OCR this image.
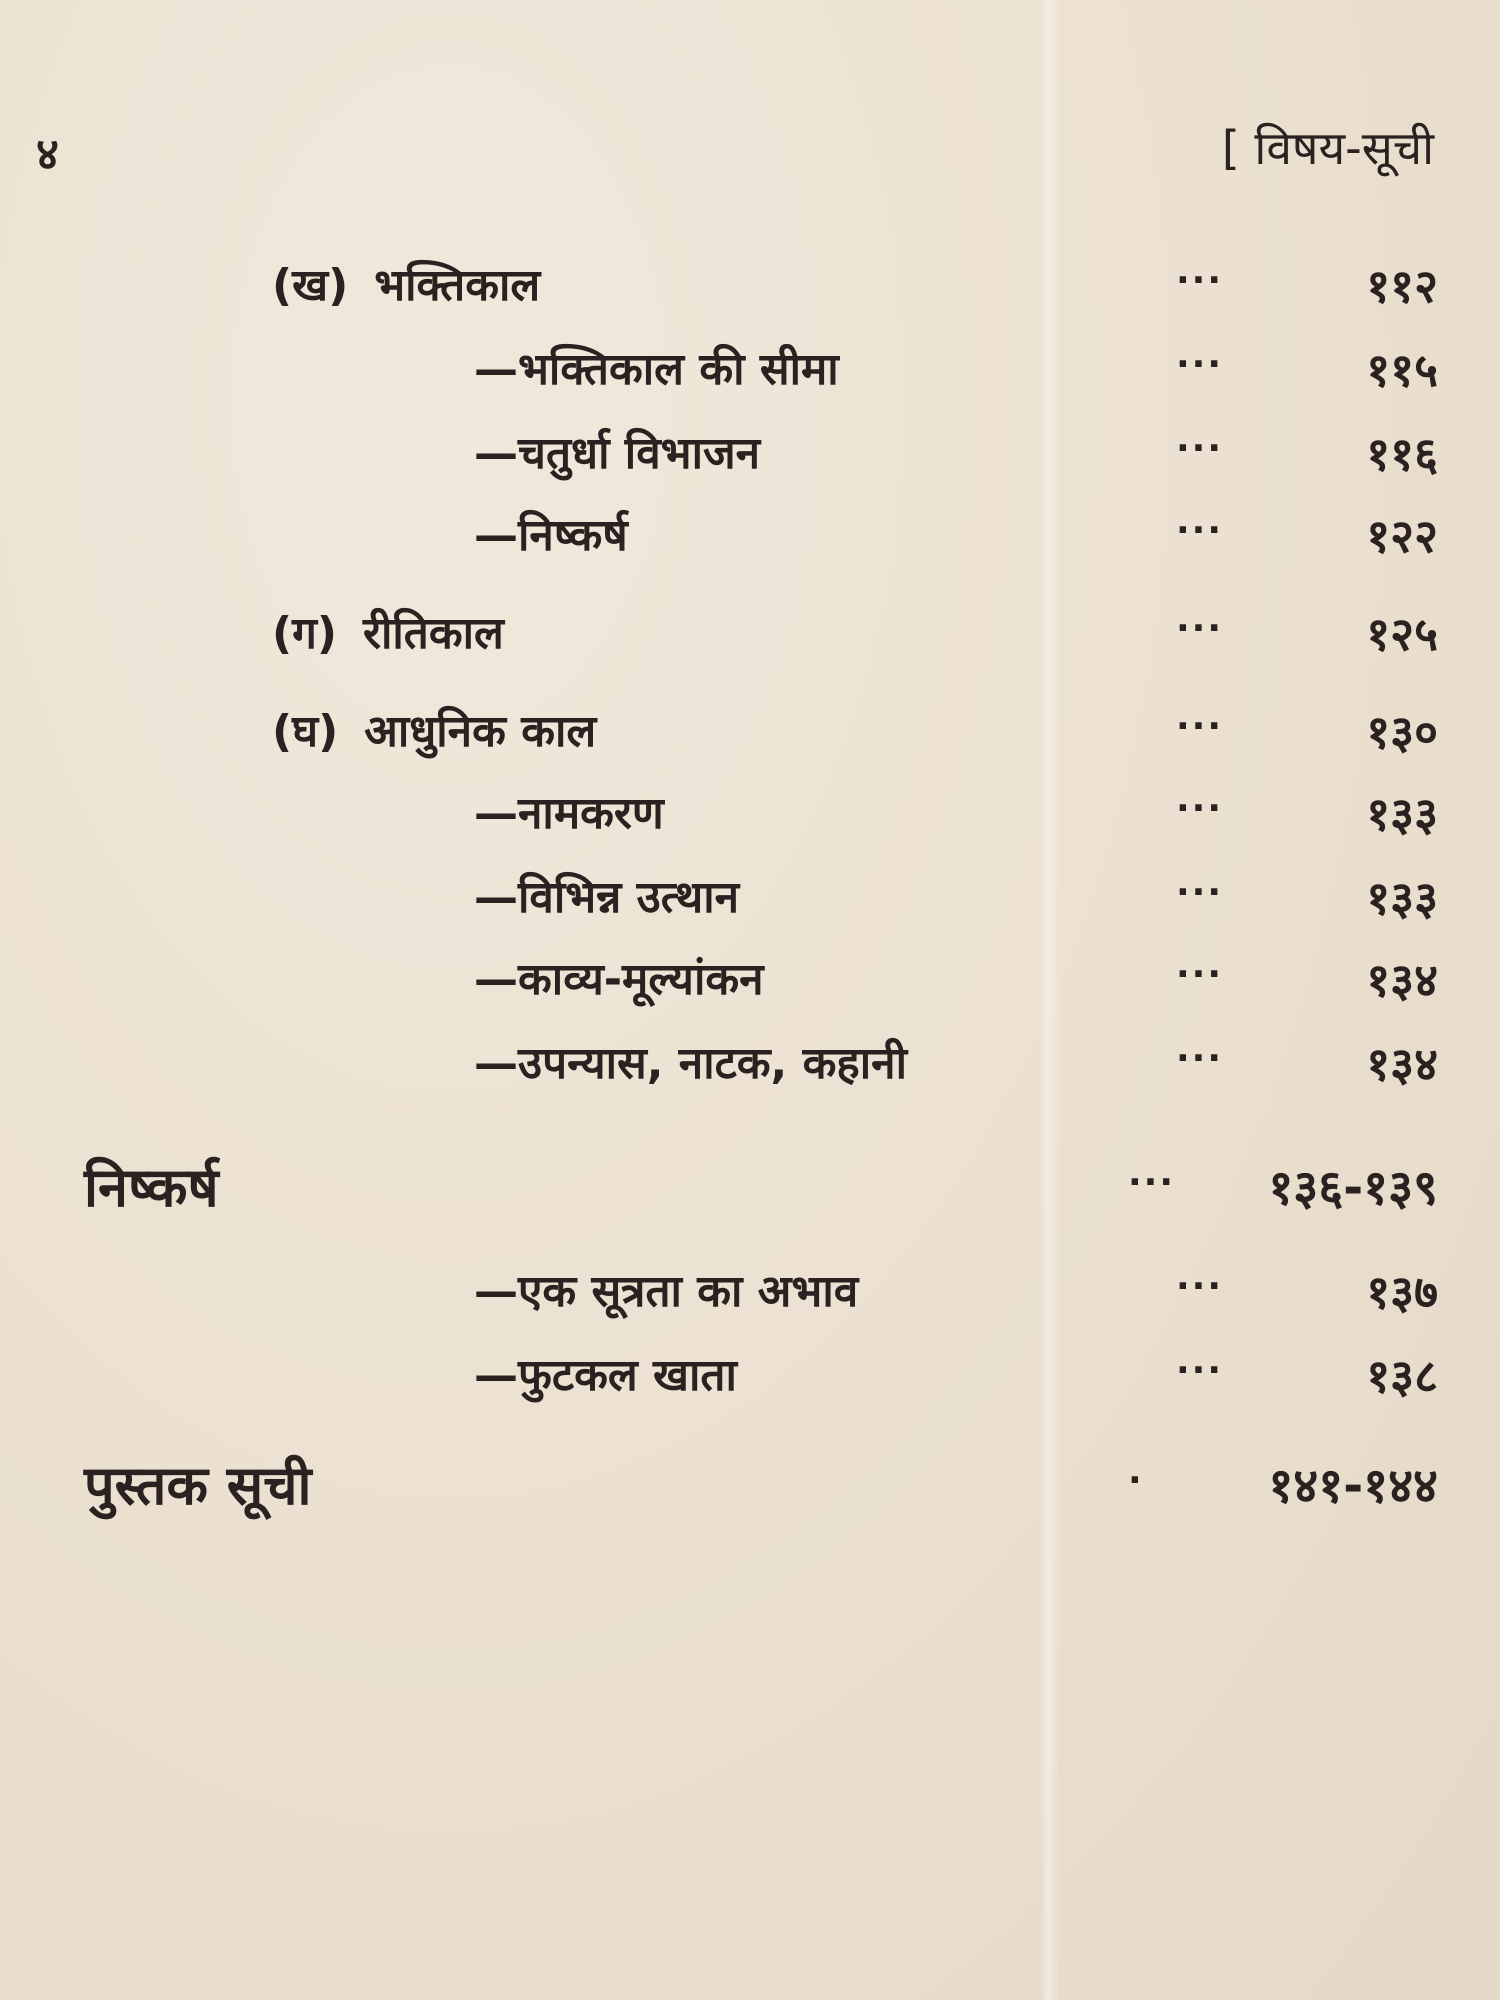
४	[ विषय-सूची
(ख) भक्तिकाल	···	११२
—भक्तिकाल की सीमा	···	११५
—चतुर्धा विभाजन	···	११६
—निष्कर्ष	···	१२२
(ग) रीतिकाल	···	१२५
(घ) आधुनिक काल	···	१३०
—नामकरण	···	१३३
—विभिन्न उत्थान	···	१३३
—काव्य-मूल्यांकन	···	१३४
—उपन्यास, नाटक, कहानी	···	१३४
निष्कर्ष	··· १३६-१३९
—एक सूत्रता का अभाव	···	१३७
—फुटकल खाता	···	१३८
पुस्तक सूची	·	१४१-१४४
